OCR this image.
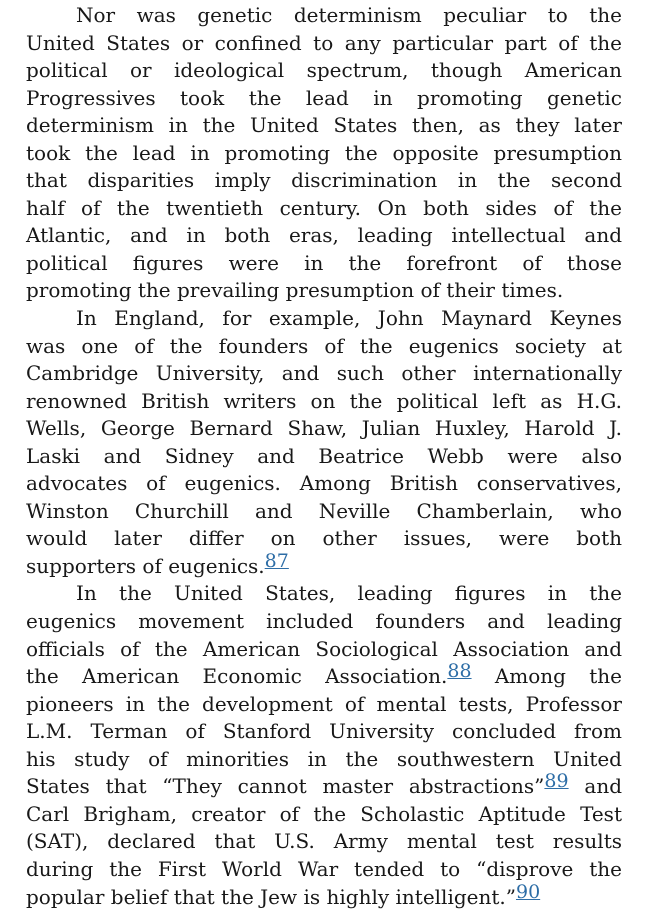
Nor was genetic determinism peculiar to the
United States or confined to any particular part of the
political or ideological spectrum, though American
Progressives took the lead in promoting genetic
determinism in the United States then, as they later
took the lead in promoting the opposite presumption
that disparities imply discrimination in the second
half of the twentieth century. On both sides of the
Atlantic, and in both eras, leading intellectual and
political figures were in the forefront of those
promoting the prevailing presumption of their times.
In England, for example, John Maynard Keynes
was one of the founders of the eugenics society at
Cambridge University, and such other internationally
renowned British writers on the political left as H.G.
Wells, George Bernard Shaw, Julian Huxley, Harold J.
Laski and Sidney and Beatrice Webb were also
advocates of eugenics. Among British conservatives,
Winston Churchill and Neville Chamberlain, who
would later differ on other issues, were both
supporters of eugenics.87
In the United States, leading figures in the
eugenics movement included founders and leading
officials of the American Sociological Association and
the American Economic Association.88 Among the
pioneers in the development of mental tests, Professor
L.M. Terman of Stanford University concluded from
his study of minorities in the southwestern United
States that “They cannot master abstractions”89 and
Carl Brigham, creator of the Scholastic Aptitude Test
(SAT), declared that U.S. Army mental test results
during the First World War tended to “disprove the
popular belief that the Jew is highly intelligent.”90
